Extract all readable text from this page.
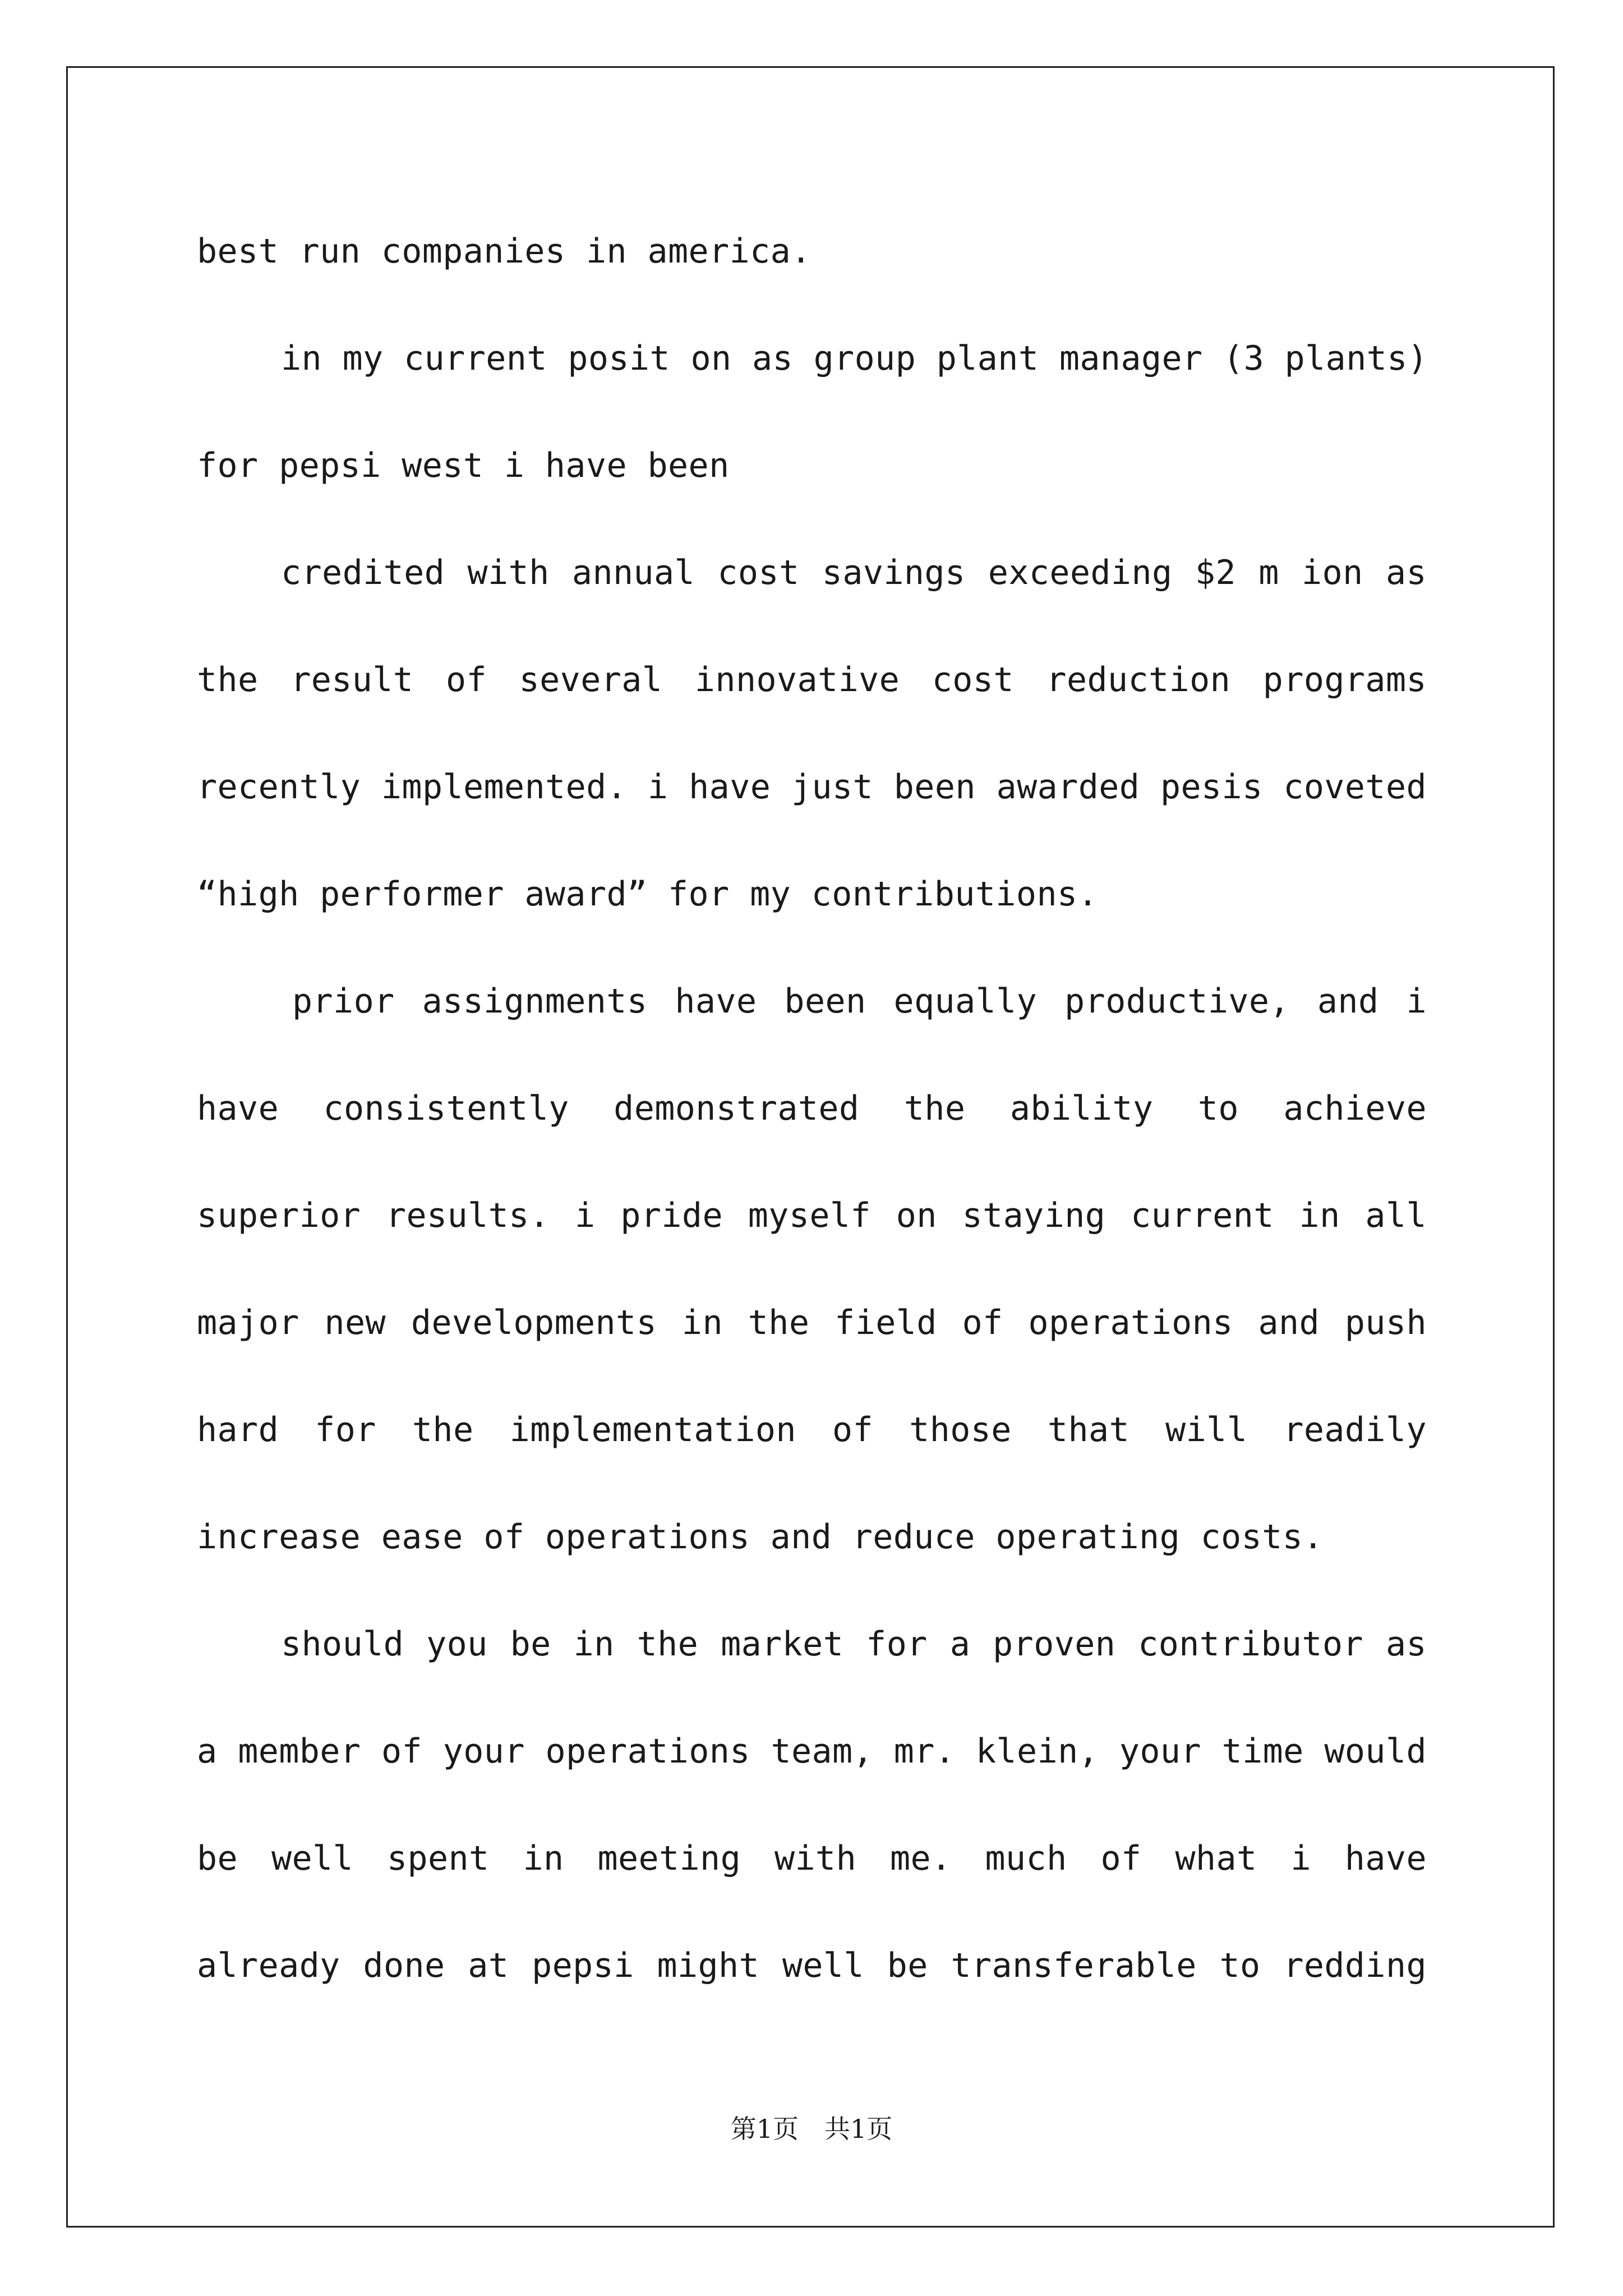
best run companies in america.
in my current posit on as group plant manager (3 plants)
for pepsi west i have been
credited with annual cost savings exceeding $2 m ion as
the result of several innovative cost reduction programs
recently implemented. i have just been awarded pesis coveted
“high performer award” for my contributions.
prior assignments have been equally productive, and i
have consistently demonstrated the ability to achieve
superior results. i pride myself on staying current in all
major new developments in the field of operations and push
hard for the implementation of those that will readily
increase ease of operations and reduce operating costs.
should you be in the market for a proven contributor as
a member of your operations team, mr. klein, your time would
be well spent in meeting with me. much of what i have
already done at pepsi might well be transferable to redding
第1页　共1页
